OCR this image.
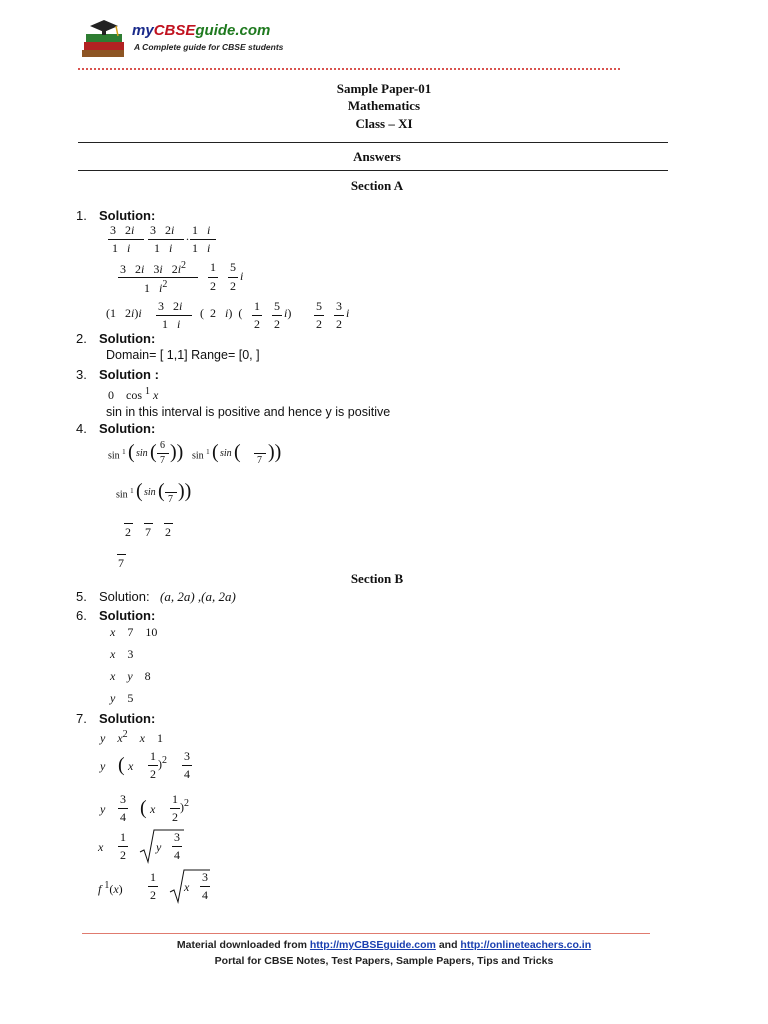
myCBSEguide.com
A Complete guide for CBSE students
Sample Paper-01
Mathematics
Class – XI
Answers
Section A
1. Solution:
3   2i
1   i
3   2i
1   i
. 1   i
1   i
3   2i   3i   $2i^2$
1   $i^2$
1
2
5
2
i
(1   2i)i 3   2i
1   i
(  2   i)  ( 1
2
5
2
i) 5
2
3
2
i
2. Solution:
Domain= [ 1,1] Range= [0, ]
3. Solution :
0    cos $^1$ x
sin in this interval is positive and hence y is positive
4. Solution:
sin $^1$ ( sin ( 6
7 )) sin $^1$ ( sin ( 7 ))
sin $^1$ ( sin ( 7 ))
2 7 2
7
Section B
5. Solution: (a, 2a) ,(a, 2a)
6. Solution:
x    7    10
x    3
x y    8
y    5
7. Solution:
y $x^2$ x    1
y ( x
1
2
)$^2$ 3
4
y
3
4 ( x
1
2
)$^2$
x
1
2
y
3
4
f $^1$(x)
1
2
x
3
4
Material downloaded from http://myCBSEguide.com and http://onlineteachers.co.in
Portal for CBSE Notes, Test Papers, Sample Papers, Tips and Tricks
